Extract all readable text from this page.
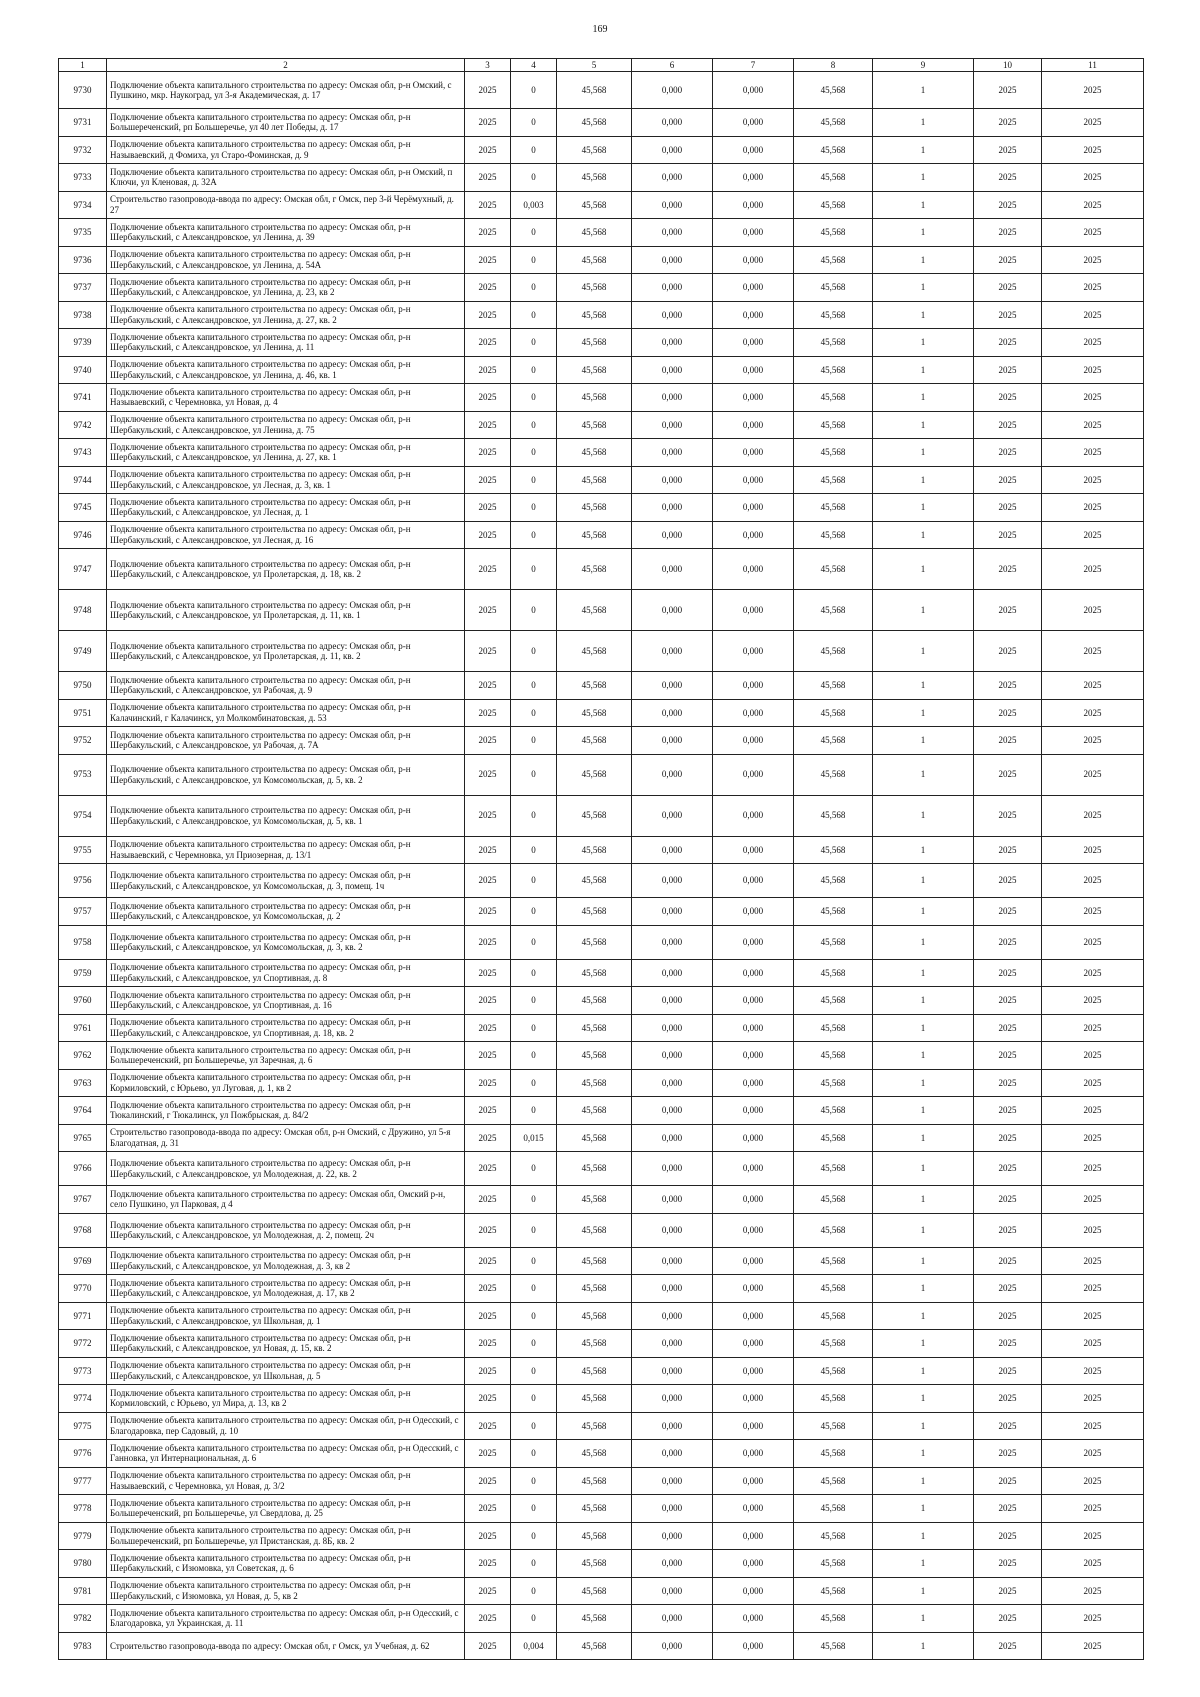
169
1	2	3	4	5	6	7	8	9	10	11
9730	Подключение объекта капитального строительства по адресу: Омская обл, р-н Омский, с Пушкино, мкр. Наукоград, ул 3-я Академическая, д. 17	2025	0	45,568	0,000	0,000	45,568	1	2025	2025
9731	Подключение объекта капитального строительства по адресу: Омская обл, р-н Большереченский, рп Большеречье, ул 40 лет Победы, д. 17	2025	0	45,568	0,000	0,000	45,568	1	2025	2025
9732	Подключение объекта капитального строительства по адресу: Омская обл, р-н Называевский, д Фомиха, ул Старо-Фоминская, д. 9	2025	0	45,568	0,000	0,000	45,568	1	2025	2025
9733	Подключение объекта капитального строительства по адресу: Омская обл, р-н Омский, п Ключи, ул Кленовая, д. 32А	2025	0	45,568	0,000	0,000	45,568	1	2025	2025
9734	Строительство газопровода-ввода по адресу: Омская обл, г Омск, пер 3-й Черёмухный, д. 27	2025	0,003	45,568	0,000	0,000	45,568	1	2025	2025
9735	Подключение объекта капитального строительства по адресу: Омская обл, р-н Шербакульский, с Александровское, ул Ленина, д. 39	2025	0	45,568	0,000	0,000	45,568	1	2025	2025
9736	Подключение объекта капитального строительства по адресу: Омская обл, р-н Шербакульский, с Александровское, ул Ленина, д. 54А	2025	0	45,568	0,000	0,000	45,568	1	2025	2025
9737	Подключение объекта капитального строительства по адресу: Омская обл, р-н Шербакульский, с Александровское, ул Ленина, д. 23, кв 2	2025	0	45,568	0,000	0,000	45,568	1	2025	2025
9738	Подключение объекта капитального строительства по адресу: Омская обл, р-н Шербакульский, с Александровское, ул Ленина, д. 27, кв. 2	2025	0	45,568	0,000	0,000	45,568	1	2025	2025
9739	Подключение объекта капитального строительства по адресу: Омская обл, р-н Шербакульский, с Александровское, ул Ленина, д. 11	2025	0	45,568	0,000	0,000	45,568	1	2025	2025
9740	Подключение объекта капитального строительства по адресу: Омская обл, р-н Шербакульский, с Александровское, ул Ленина, д. 46, кв. 1	2025	0	45,568	0,000	0,000	45,568	1	2025	2025
9741	Подключение объекта капитального строительства по адресу: Омская обл, р-н Называевский, с Черемновка, ул Новая, д. 4	2025	0	45,568	0,000	0,000	45,568	1	2025	2025
9742	Подключение объекта капитального строительства по адресу: Омская обл, р-н Шербакульский, с Александровское, ул Ленина, д. 75	2025	0	45,568	0,000	0,000	45,568	1	2025	2025
9743	Подключение объекта капитального строительства по адресу: Омская обл, р-н Шербакульский, с Александровское, ул Ленина, д. 27, кв. 1	2025	0	45,568	0,000	0,000	45,568	1	2025	2025
9744	Подключение объекта капитального строительства по адресу: Омская обл, р-н Шербакульский, с Александровское, ул Лесная, д. 3, кв. 1	2025	0	45,568	0,000	0,000	45,568	1	2025	2025
9745	Подключение объекта капитального строительства по адресу: Омская обл, р-н Шербакульский, с Александровское, ул Лесная, д. 1	2025	0	45,568	0,000	0,000	45,568	1	2025	2025
9746	Подключение объекта капитального строительства по адресу: Омская обл, р-н Шербакульский, с Александровское, ул Лесная, д. 16	2025	0	45,568	0,000	0,000	45,568	1	2025	2025
9747	Подключение объекта капитального строительства по адресу: Омская обл, р-н Шербакульский, с Александровское, ул Пролетарская, д. 18, кв. 2	2025	0	45,568	0,000	0,000	45,568	1	2025	2025
9748	Подключение объекта капитального строительства по адресу: Омская обл, р-н Шербакульский, с Александровское, ул Пролетарская, д. 11, кв. 1	2025	0	45,568	0,000	0,000	45,568	1	2025	2025
9749	Подключение объекта капитального строительства по адресу: Омская обл, р-н Шербакульский, с Александровское, ул Пролетарская, д. 11, кв. 2	2025	0	45,568	0,000	0,000	45,568	1	2025	2025
9750	Подключение объекта капитального строительства по адресу: Омская обл, р-н Шербакульский, с Александровское, ул Рабочая, д. 9	2025	0	45,568	0,000	0,000	45,568	1	2025	2025
9751	Подключение объекта капитального строительства по адресу: Омская обл, р-н Калачинский, г Калачинск, ул Молкомбинатовская, д. 53	2025	0	45,568	0,000	0,000	45,568	1	2025	2025
9752	Подключение объекта капитального строительства по адресу: Омская обл, р-н Шербакульский, с Александровское, ул Рабочая, д. 7А	2025	0	45,568	0,000	0,000	45,568	1	2025	2025
9753	Подключение объекта капитального строительства по адресу: Омская обл, р-н Шербакульский, с Александровское, ул Комсомольская, д. 5, кв. 2	2025	0	45,568	0,000	0,000	45,568	1	2025	2025
9754	Подключение объекта капитального строительства по адресу: Омская обл, р-н Шербакульский, с Александровское, ул Комсомольская, д. 5, кв. 1	2025	0	45,568	0,000	0,000	45,568	1	2025	2025
9755	Подключение объекта капитального строительства по адресу: Омская обл, р-н Называевский, с Черемновка, ул Приозерная, д. 13/1	2025	0	45,568	0,000	0,000	45,568	1	2025	2025
9756	Подключение объекта капитального строительства по адресу: Омская обл, р-н Шербакульский, с Александровское, ул Комсомольская, д. 3, помещ. 1ч	2025	0	45,568	0,000	0,000	45,568	1	2025	2025
9757	Подключение объекта капитального строительства по адресу: Омская обл, р-н Шербакульский, с Александровское, ул Комсомольская, д. 2	2025	0	45,568	0,000	0,000	45,568	1	2025	2025
9758	Подключение объекта капитального строительства по адресу: Омская обл, р-н Шербакульский, с Александровское, ул Комсомольская, д. 3, кв. 2	2025	0	45,568	0,000	0,000	45,568	1	2025	2025
9759	Подключение объекта капитального строительства по адресу: Омская обл, р-н Шербакульский, с Александровское, ул Спортивная, д. 8	2025	0	45,568	0,000	0,000	45,568	1	2025	2025
9760	Подключение объекта капитального строительства по адресу: Омская обл, р-н Шербакульский, с Александровское, ул Спортивная, д. 16	2025	0	45,568	0,000	0,000	45,568	1	2025	2025
9761	Подключение объекта капитального строительства по адресу: Омская обл, р-н Шербакульский, с Александровское, ул Спортивная, д. 18, кв. 2	2025	0	45,568	0,000	0,000	45,568	1	2025	2025
9762	Подключение объекта капитального строительства по адресу: Омская обл, р-н Большереченский, рп Большеречье, ул Заречная, д. 6	2025	0	45,568	0,000	0,000	45,568	1	2025	2025
9763	Подключение объекта капитального строительства по адресу: Омская обл, р-н Кормиловский, с Юрьево, ул Луговая, д. 1, кв 2	2025	0	45,568	0,000	0,000	45,568	1	2025	2025
9764	Подключение объекта капитального строительства по адресу: Омская обл, р-н Тюкалинский, г Тюкалинск, ул Пожбрыская, д. 84/2	2025	0	45,568	0,000	0,000	45,568	1	2025	2025
9765	Строительство газопровода-ввода по адресу: Омская обл, р-н Омский, с Дружино, ул 5-я Благодатная, д. 31	2025	0,015	45,568	0,000	0,000	45,568	1	2025	2025
9766	Подключение объекта капитального строительства по адресу: Омская обл, р-н Шербакульский, с Александровское, ул Молодежная, д. 22, кв. 2	2025	0	45,568	0,000	0,000	45,568	1	2025	2025
9767	Подключение объекта капитального строительства по адресу: Омская обл, Омский р-н, село Пушкино, ул Парковая, д 4	2025	0	45,568	0,000	0,000	45,568	1	2025	2025
9768	Подключение объекта капитального строительства по адресу: Омская обл, р-н Шербакульский, с Александровское, ул Молодежная, д. 2, помещ. 2ч	2025	0	45,568	0,000	0,000	45,568	1	2025	2025
9769	Подключение объекта капитального строительства по адресу: Омская обл, р-н Шербакульский, с Александровское, ул Молодежная, д. 3, кв 2	2025	0	45,568	0,000	0,000	45,568	1	2025	2025
9770	Подключение объекта капитального строительства по адресу: Омская обл, р-н Шербакульский, с Александровское, ул Молодежная, д. 17, кв 2	2025	0	45,568	0,000	0,000	45,568	1	2025	2025
9771	Подключение объекта капитального строительства по адресу: Омская обл, р-н Шербакульский, с Александровское, ул Школьная, д. 1	2025	0	45,568	0,000	0,000	45,568	1	2025	2025
9772	Подключение объекта капитального строительства по адресу: Омская обл, р-н Шербакульский, с Александровское, ул Новая, д. 15, кв. 2	2025	0	45,568	0,000	0,000	45,568	1	2025	2025
9773	Подключение объекта капитального строительства по адресу: Омская обл, р-н Шербакульский, с Александровское, ул Школьная, д. 5	2025	0	45,568	0,000	0,000	45,568	1	2025	2025
9774	Подключение объекта капитального строительства по адресу: Омская обл, р-н Кормиловский, с Юрьево, ул Мира, д. 13, кв 2	2025	0	45,568	0,000	0,000	45,568	1	2025	2025
9775	Подключение объекта капитального строительства по адресу: Омская обл, р-н Одесский, с Благодаровка, пер Садовый, д. 10	2025	0	45,568	0,000	0,000	45,568	1	2025	2025
9776	Подключение объекта капитального строительства по адресу: Омская обл, р-н Одесский, с Ганновка, ул Интернациональная, д. 6	2025	0	45,568	0,000	0,000	45,568	1	2025	2025
9777	Подключение объекта капитального строительства по адресу: Омская обл, р-н Называевский, с Черемновка, ул Новая, д. 3/2	2025	0	45,568	0,000	0,000	45,568	1	2025	2025
9778	Подключение объекта капитального строительства по адресу: Омская обл, р-н Большереченский, рп Большеречье, ул Свердлова, д. 25	2025	0	45,568	0,000	0,000	45,568	1	2025	2025
9779	Подключение объекта капитального строительства по адресу: Омская обл, р-н Большереченский, рп Большеречье, ул Пристанская, д. 8Б, кв. 2	2025	0	45,568	0,000	0,000	45,568	1	2025	2025
9780	Подключение объекта капитального строительства по адресу: Омская обл, р-н Шербакульский, с Изюмовка, ул Советская, д. 6	2025	0	45,568	0,000	0,000	45,568	1	2025	2025
9781	Подключение объекта капитального строительства по адресу: Омская обл, р-н Шербакульский, с Изюмовка, ул Новая, д. 5, кв 2	2025	0	45,568	0,000	0,000	45,568	1	2025	2025
9782	Подключение объекта капитального строительства по адресу: Омская обл, р-н Одесский, с Благодаровка, ул Украинская, д. 11	2025	0	45,568	0,000	0,000	45,568	1	2025	2025
9783	Строительство газопровода-ввода по адресу: Омская обл, г Омск, ул Учебная, д. 62	2025	0,004	45,568	0,000	0,000	45,568	1	2025	2025
